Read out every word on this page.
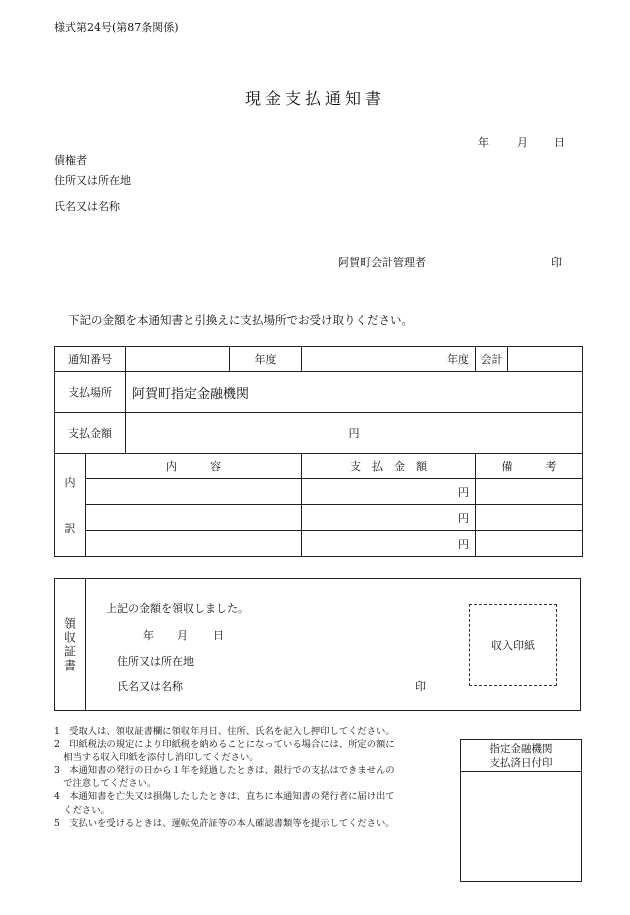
様式第24号(第87条関係)
現金支払通知書
年	月 日
債権者
住所又は所在地
氏名又は名称
阿賀町会計管理者	印
下記の金額を本通知書と引換えに支払場所でお受け取りください。
通知番号			年度	年度	会計	
支払場所		阿賀町指定金融機関				
支払金額		円				

内
訳	内　　　容			支　払　金　額	備　　　考	
				円		
				円		
				円		
領収証書
上記の金額を領収しました。
年 月 日
住所又は所在地
氏名又は名称	印
収入印紙
1　受取人は、領収証書欄に領収年月日、住所、氏名を記入し押印してください。
2　印紙税法の規定により印紙税を納めることになっている場合には、所定の額に
　相当する収入印紙を添付し消印してください。
3　本通知書の発行の日から１年を経過したときは、銀行での支払はできませんの
　で注意してください。
4　本通知書を亡失又は損傷したしたときは、直ちに本通知書の発行者に届け出て
　ください。
5　支払いを受けるときは、運転免許証等の本人確認書類等を提示してください。
指定金融機関
支払済日付印
